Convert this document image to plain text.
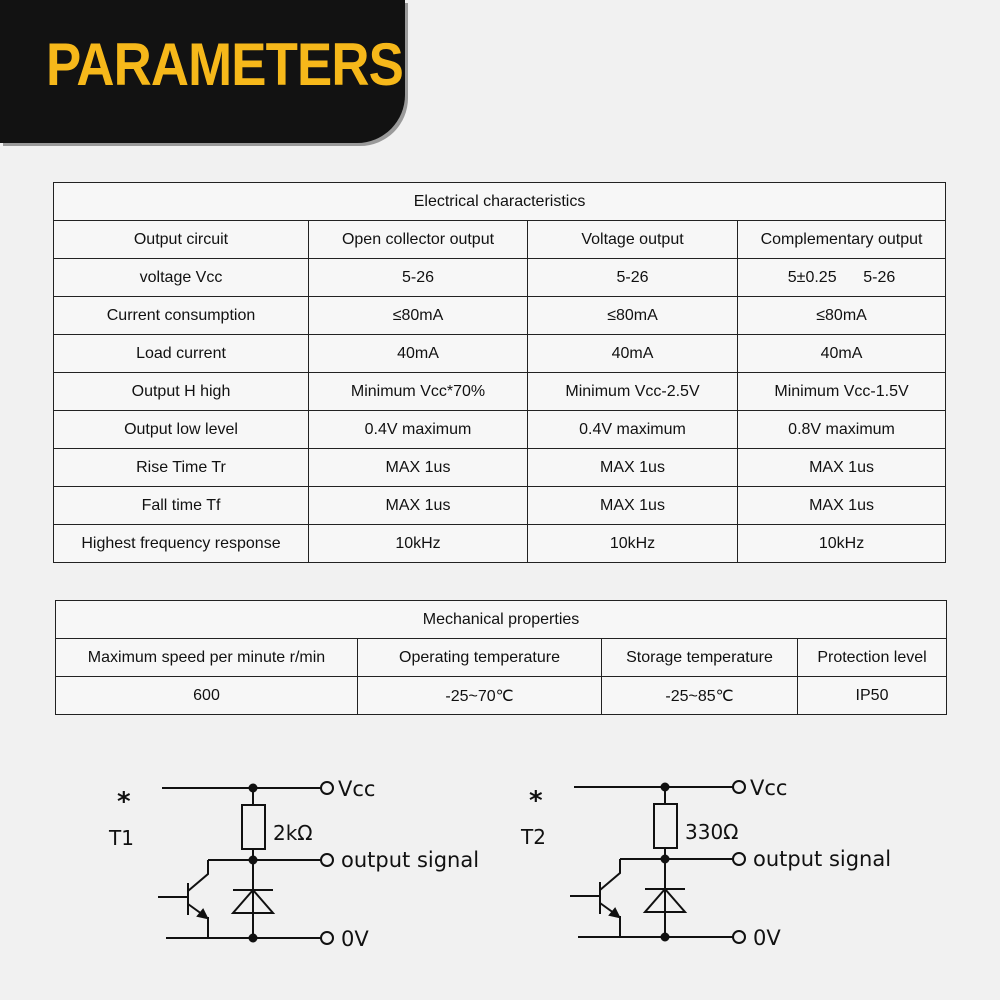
PARAMETERS
Electrical characteristics			
Output circuit	Open collector output	Voltage output	Complementary output
voltage Vcc	5-26	5-26	5±0.25      5-26
Current consumption	≤80mA	≤80mA	≤80mA
Load current	40mA	40mA	40mA
Output H high	Minimum Vcc*70%	Minimum Vcc-2.5V	Minimum Vcc-1.5V
Output low level	0.4V maximum	0.4V maximum	0.8V maximum
Rise Time Tr	MAX 1us	MAX 1us	MAX 1us
Fall time Tf	MAX 1us	MAX 1us	MAX 1us
Highest frequency response	10kHz	10kHz	10kHz
Mechanical properties			
Maximum speed per minute r/min	Operating temperature	Storage temperature	Protection level
600	-25~70℃	-25~85℃	IP50
*
T1	2kΩ
Vcc
output signal
0V
*
T2	330Ω
Vcc
output signal
0V
